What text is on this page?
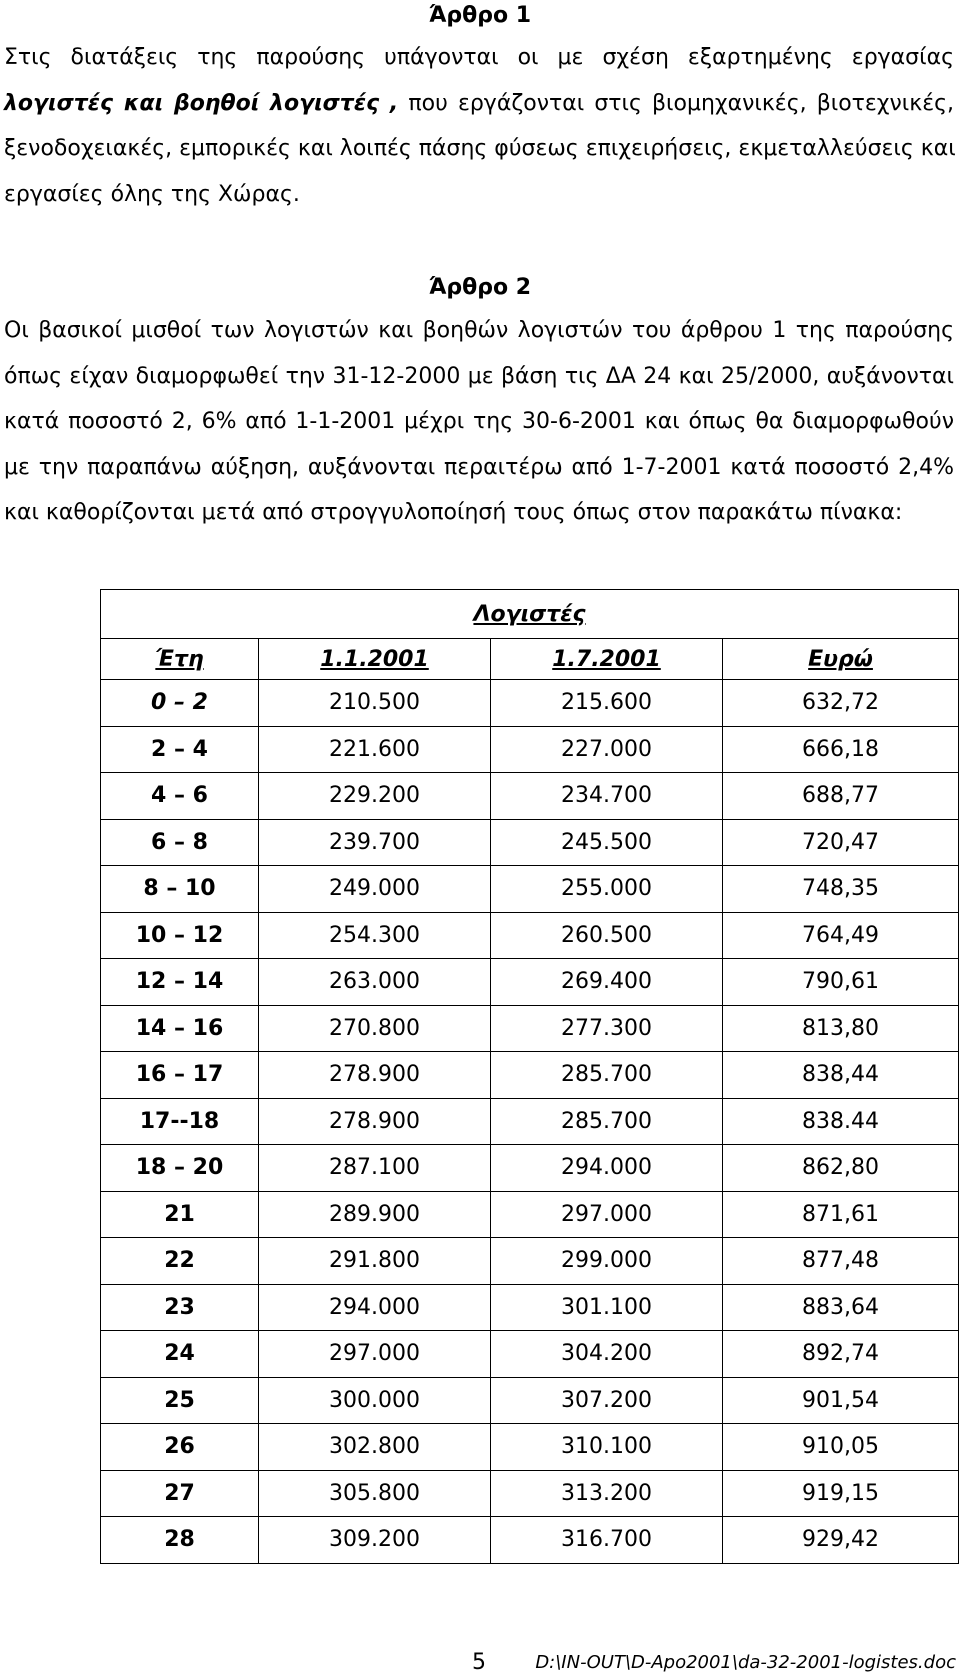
Άρθρο 1
Στις διατάξεις της παρούσης υπάγονται οι με σχέση εξαρτημένης εργασίας
λογιστές και βοηθοί λογιστές , που εργάζονται στις βιομηχανικές, βιοτεχνικές,
ξενοδοχειακές, εμπορικές και λοιπές πάσης φύσεως επιχειρήσεις, εκμεταλλεύσεις και
εργασίες όλης της Χώρας.
Άρθρο 2
Οι βασικοί μισθοί των λογιστών και βοηθών λογιστών του άρθρου 1 της παρούσης
όπως είχαν διαμορφωθεί την 31-12-2000 με βάση τις ΔΑ 24 και 25/2000, αυξάνονται
κατά ποσοστό 2, 6% από 1-1-2001 μέχρι της 30-6-2001 και όπως θα διαμορφωθούν
με την παραπάνω αύξηση, αυξάνονται περαιτέρω από 1-7-2001 κατά ποσοστό 2,4%
και καθορίζονται μετά από στρογγυλοποίησή τους όπως στον παρακάτω πίνακα:
Λογιστές			
Έτη	1.1.2001	1.7.2001	Ευρώ
0 – 2	210.500	215.600	632,72
2 – 4	221.600	227.000	666,18
4 – 6	229.200	234.700	688,77
6 – 8	239.700	245.500	720,47
8 – 10	249.000	255.000	748,35
10 – 12	254.300	260.500	764,49
12 – 14	263.000	269.400	790,61
14 – 16	270.800	277.300	813,80
16 – 17	278.900	285.700	838,44
17--18	278.900	285.700	838.44
18 – 20	287.100	294.000	862,80
21	289.900	297.000	871,61
22	291.800	299.000	877,48
23	294.000	301.100	883,64
24	297.000	304.200	892,74
25	300.000	307.200	901,54
26	302.800	310.100	910,05
27	305.800	313.200	919,15
28	309.200	316.700	929,42
5	D:\IN-OUT\D-Apo2001\da-32-2001-logistes.doc
